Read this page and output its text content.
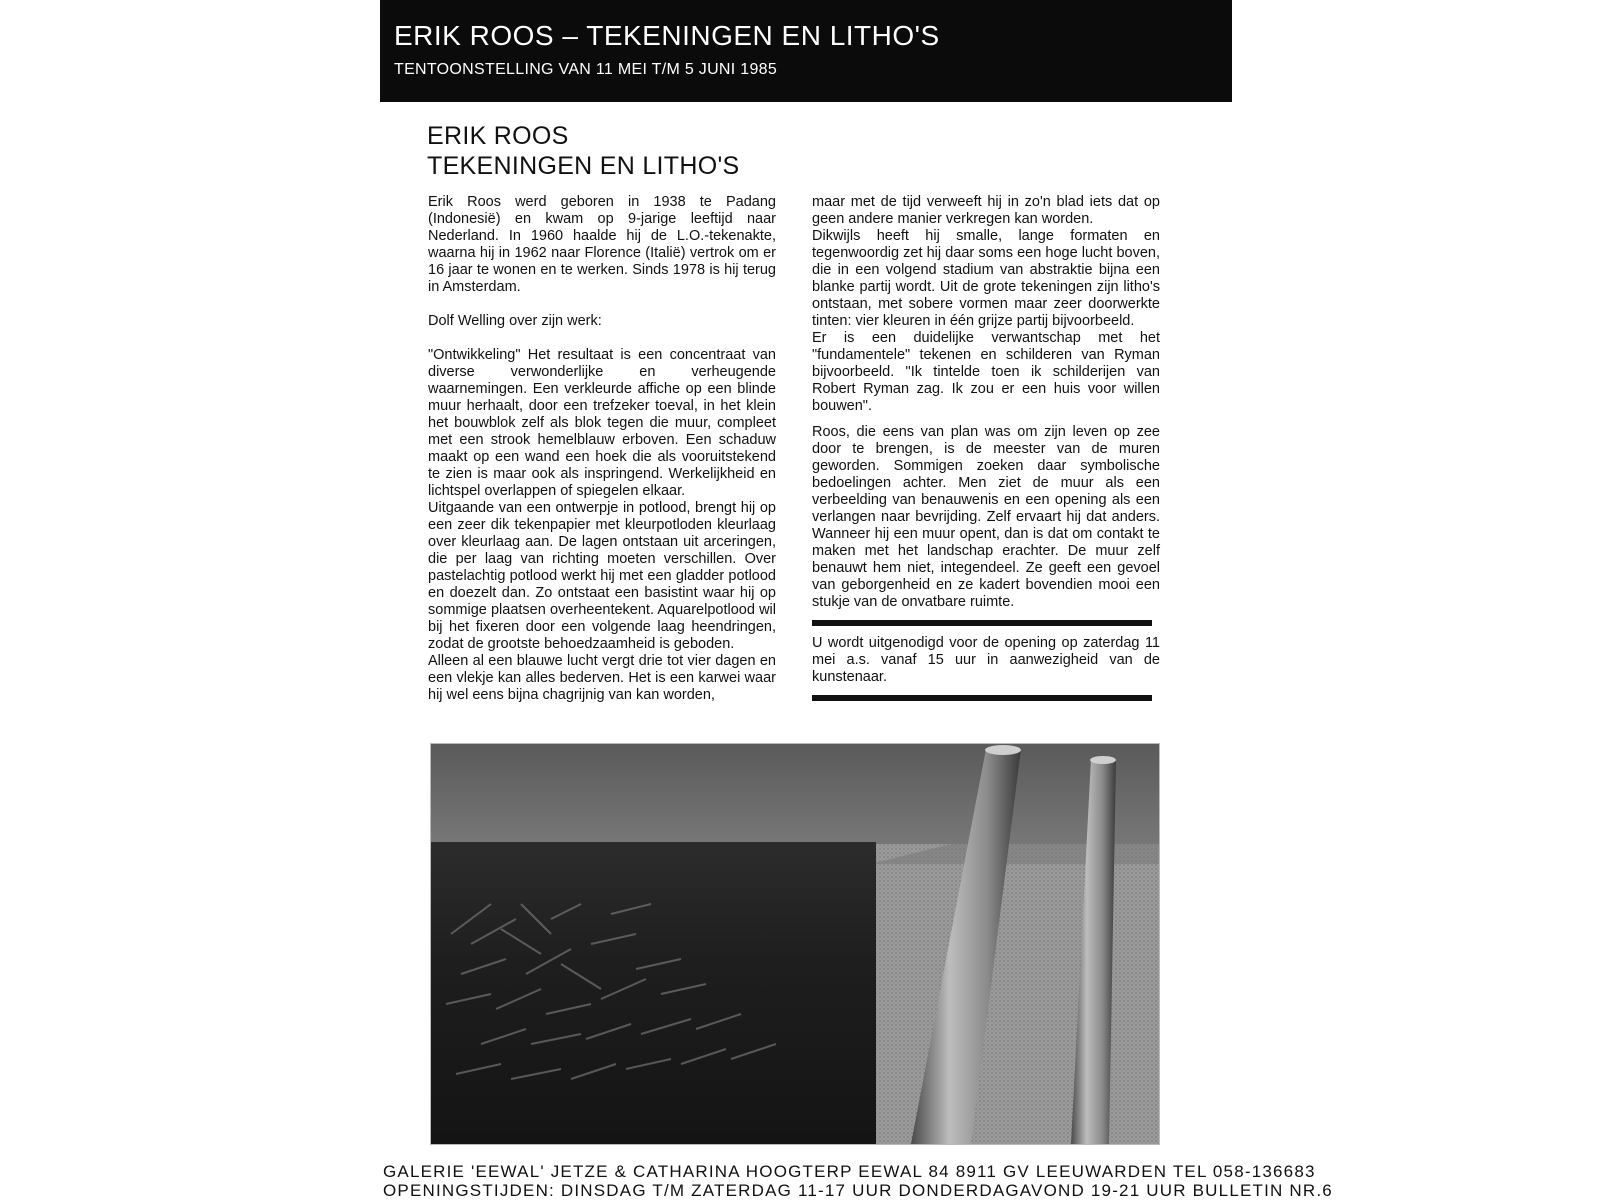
ERIK ROOS – TEKENINGEN EN LITHO'S
TENTOONSTELLING VAN 11 MEI T/M 5 JUNI 1985
ERIK ROOS
TEKENINGEN EN LITHO'S

Erik Roos werd geboren in 1938 te Padang (Indonesië) en kwam op 9-jarige leeftijd naar Nederland. In 1960 haalde hij de L.O.-tekenakte, waarna hij in 1962 naar Florence (Italië) vertrok om er 16 jaar te wonen en te werken. Sinds 1978 is hij terug in Amsterdam.

Dolf Welling over zijn werk:

"Ontwikkeling" Het resultaat is een concentraat van diverse verwonderlijke en verheugende waarnemingen. Een verkleurde affiche op een blinde muur herhaalt, door een trefzeker toeval, in het klein het bouwblok zelf als blok tegen die muur, compleet met een strook hemelblauw erboven. Een schaduw maakt op een wand een hoek die als vooruitstekend te zien is maar ook als inspringend. Werkelijkheid en lichtspel overlappen of spiegelen elkaar.

Uitgaande van een ontwerpje in potlood, brengt hij op een zeer dik tekenpapier met kleurpotloden kleurlaag over kleurlaag aan. De lagen ontstaan uit arceringen, die per laag van richting moeten verschillen. Over pastelachtig potlood werkt hij met een gladder potlood en doezelt dan. Zo ontstaat een basistint waar hij op sommige plaatsen overheentekent. Aquarelpotlood wil bij het fixeren door een volgende laag heendringen, zodat de grootste behoedzaamheid is geboden.

Alleen al een blauwe lucht vergt drie tot vier dagen en een vlekje kan alles bederven. Het is een karwei waar hij wel eens bijna chagrijnig van kan worden,

maar met de tijd verweeft hij in zo'n blad iets dat op geen andere manier verkregen kan worden.

Dikwijls heeft hij smalle, lange formaten en tegenwoordig zet hij daar soms een hoge lucht boven, die in een volgend stadium van abstraktie bijna een blanke partij wordt. Uit de grote tekeningen zijn litho's ontstaan, met sobere vormen maar zeer doorwerkte tinten: vier kleuren in één grijze partij bijvoorbeeld.

Er is een duidelijke verwantschap met het "fundamentele" tekenen en schilderen van Ryman bijvoorbeeld. "Ik tintelde toen ik schilderijen van Robert Ryman zag. Ik zou er een huis voor willen bouwen".

Roos, die eens van plan was om zijn leven op zee door te brengen, is de meester van de muren geworden. Sommigen zoeken daar symbolische bedoelingen achter. Men ziet de muur als een verbeelding van benauwenis en een opening als een verlangen naar bevrijding. Zelf ervaart hij dat anders. Wanneer hij een muur opent, dan is dat om contakt te maken met het landschap erachter. De muur zelf benauwt hem niet, integendeel. Ze geeft een gevoel van geborgenheid en ze kadert bovendien mooi een stukje van de onvatbare ruimte.

U wordt uitgenodigd voor de opening op zaterdag 11 mei a.s. vanaf 15 uur in aanwezigheid van de kunstenaar.

GALERIE 'EEWAL' JETZE & CATHARINA HOOGTERP EEWAL 84 8911 GV LEEUWARDEN TEL 058-136683
OPENINGSTIJDEN: DINSDAG T/M ZATERDAG 11-17 UUR DONDERDAGAVOND 19-21 UUR BULLETIN NR.6
